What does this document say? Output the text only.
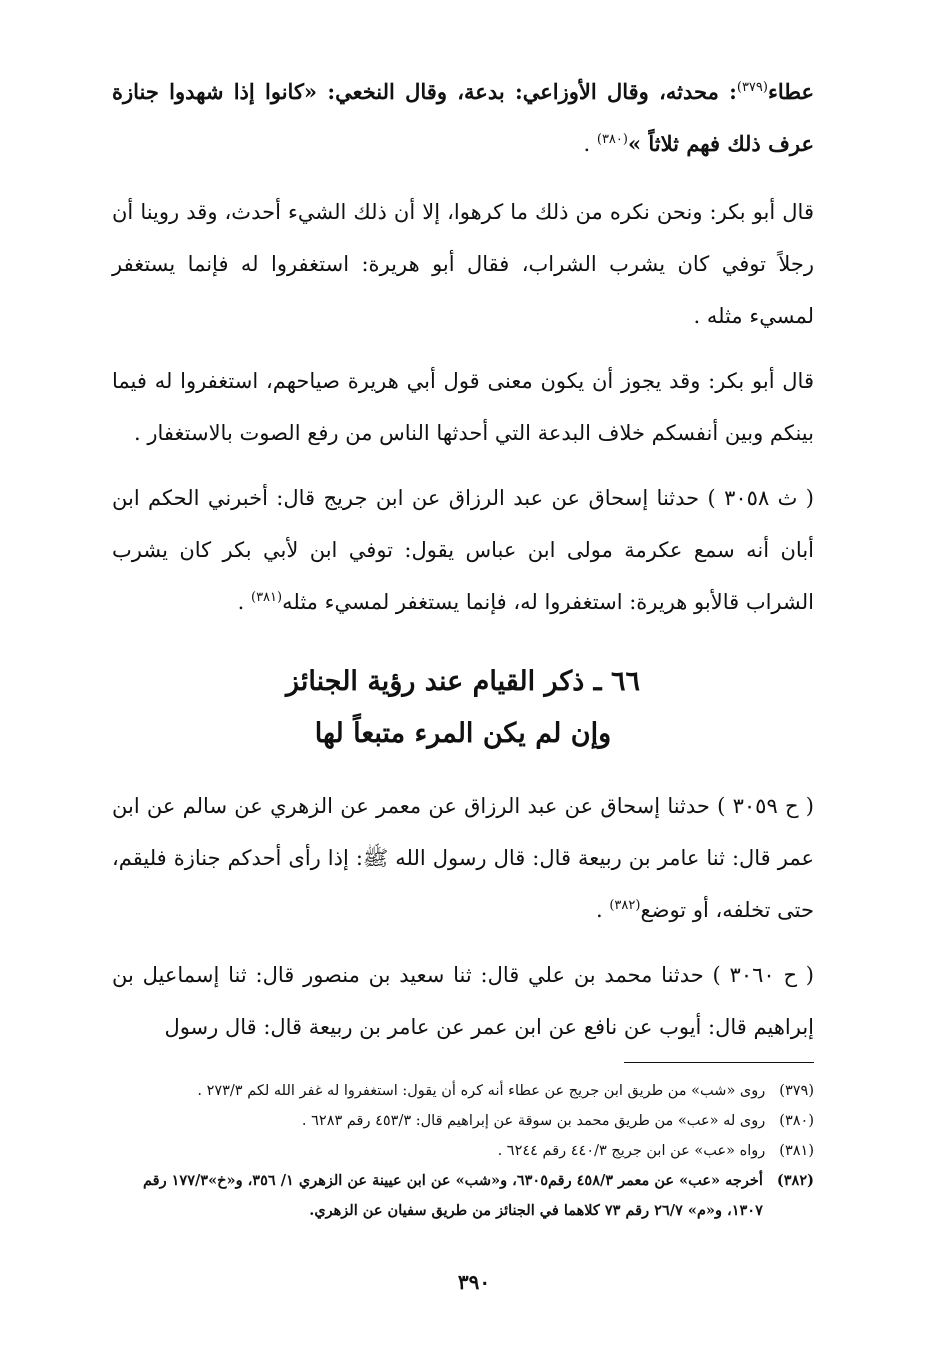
عطاء$^{(٣٧٩)}$: محدثه، وقال الأوزاعي: بدعة، وقال النخعي: «كانوا إذا شهدوا جنازة عرف ذلك فهم ثلاثاً »$^{(٣٨٠)}$ .

قال أبو بكر: ونحن نكره من ذلك ما كرهوا، إلا أن ذلك الشيء أحدث، وقد روينا أن رجلاً توفي كان يشرب الشراب، فقال أبو هريرة: استغفروا له فإنما يستغفر لمسيء مثله .

قال أبو بكر: وقد يجوز أن يكون معنى قول أبي هريرة صياحهم، استغفروا له فيما بينكم وبين أنفسكم خلاف البدعة التي أحدثها الناس من رفع الصوت بالاستغفار .

( ث ٣٠٥٨ ) حدثنا إسحاق عن عبد الرزاق عن ابن جريج قال: أخبرني الحكم ابن أبان أنه سمع عكرمة مولى ابن عباس يقول: توفي ابن لأبي بكر كان يشرب الشراب قالأبو هريرة: استغفروا له، فإنما يستغفر لمسيء مثله$^{(٣٨١)}$ .

٦٦ ـ ذكر القيام عند رؤية الجنائز
وإن لم يكن المرء متبعاً لها

( ح ٣٠٥٩ ) حدثنا إسحاق عن عبد الرزاق عن معمر عن الزهري عن سالم عن ابن عمر قال: ثنا عامر بن ربيعة قال: قال رسول الله ﷺ: إذا رأى أحدكم جنازة فليقم، حتى تخلفه، أو توضع$^{(٣٨٢)}$ .

( ح ٣٠٦٠ ) حدثنا محمد بن علي قال: ثنا سعيد بن منصور قال: ثنا إسماعيل بن إبراهيم قال: أيوب عن نافع عن ابن عمر عن عامر بن ربيعة قال: قال رسول

(٣٧٩)
روى «شب» من طريق ابن جريج عن عطاء أنه كره أن يقول: استغفروا له غفر الله لكم ٢٧٣/٣ .
(٣٨٠)
روى له «عب» من طريق محمد بن سوقة عن إبراهيم قال: ٤٥٣/٣ رقم ٦٢٨٣ .
(٣٨١)
رواه «عب» عن ابن جريج ٤٤٠/٣ رقم ٦٢٤٤ .
(٣٨٢)
أخرجه «عب» عن معمر ٤٥٨/٣ رقم٦٣٠٥، و«شب» عن ابن عيينة عن الزهري ١/ ٣٥٦، و«خ»١٧٧/٣ رقم ١٣٠٧، و«م» ٢٦/٧ رقم ٧٣ كلاهما في الجنائز من طريق سفيان عن الزهري.
٣٩٠
